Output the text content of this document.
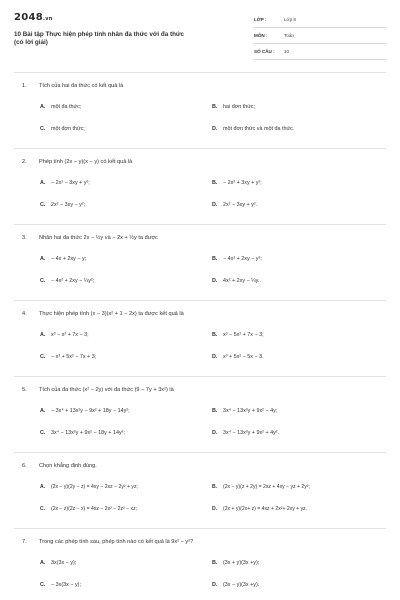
2048.vn
10 Bài tập Thực hiện phép tính nhân đa thức với đa thức
(có lời giải)
LỚP :	Lớp 8
MÔN :	Toán
SỐ CÂU : 10
1. Tích của hai đa thức có kết quả là
A. một đa thức;	B. hai đơn thức;
C. một đơn thức;	D. một đơn thức và một đa thức.
2. Phép tính (2x − y)(x − y) có kết quả là
A. − 2x² − 3xy + y²;	B. − 2x² + 3xy + y²;
C. 2x² − 3xy − y²;	D. 2x² − 3xy + y².
3. Nhân hai đa thức 2x − ½y và − 2x + ½y ta được
A. − 4x + 2xy − y;	B. − 4x² + 2xy − y²;
C. − 4x² + 2xy − ¼y²;	D. 4x² + 2xy − ¼y..
4. Thực hiện phép tính (x − 3)(x² + 1 − 2x) ta được kết quả là
A. x³ − x² + 7x − 3;	B. x³ − 5x² + 7x − 3;
C. − x³ + 5x² − 7x + 3;	D. x³ + 5x² − 5x − 3.
5. Tích của đa thức (x² − 2y) với đa thức (9 − 7y + 3x²) là
A. − 3x⁴ + 13x²y − 9x² + 18y − 14y²;	B. 3x⁴ − 13x²y + 9x² − 4y;
C. 3x⁴ − 13x²y + 9x² − 18y + 14y²;	D. 3x⁴ − 13x²y + 9x² + 4y².
6. Chọn khẳng định đúng.
A. (2x − y)(2y − z) = 4xy − 2xz − 2y² + yz;	B. (2x − y)(z + 2y) = 2xz + 4xy − yz + 2y²;
C. (2x − z)(2z − x) = 4xz − 2x² − 2z² − xz;	D. (2x + y)(2x+ z) = 4xz + 2x²+ 2xy + yz.
7. Trong các phép tính sau, phép tính nào có kết quả là 9x² − y²?
A. 3x(3x − y);	B. (3x + y)(3x +y);
C. − 3x(3x − y);	D. (3x − y)(3x +y).
